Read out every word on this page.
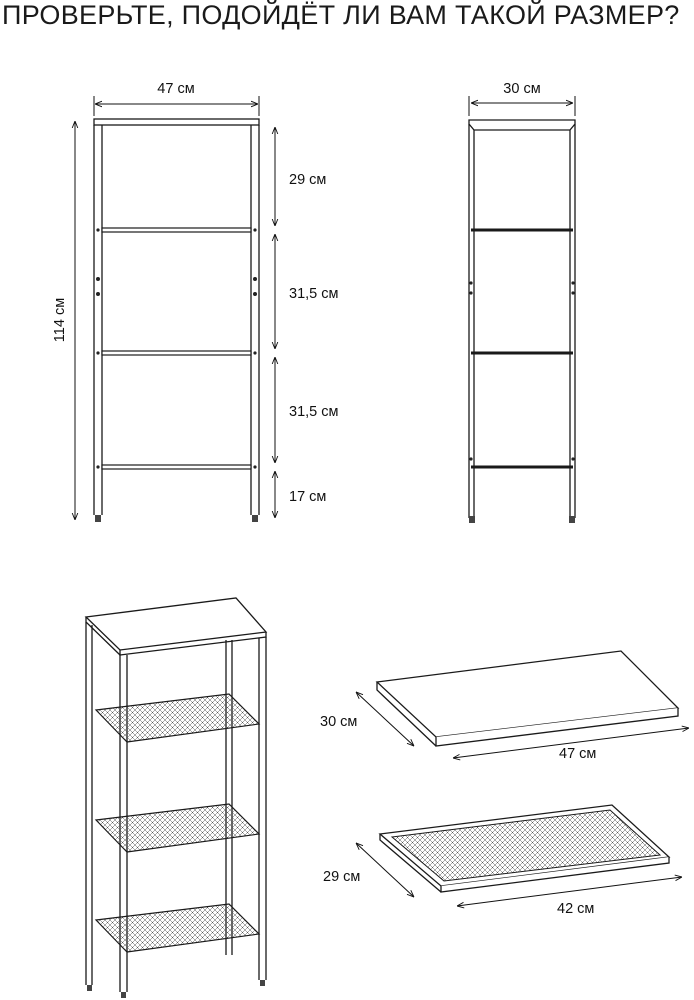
ПРОВЕРЬТЕ, ПОДОЙДЁТ ЛИ ВАМ ТАКОЙ РАЗМЕР?
47 см
114 см
29 см
31,5 см
31,5 см
17 см
30 см
30 см
47 см
29 см
42 см
